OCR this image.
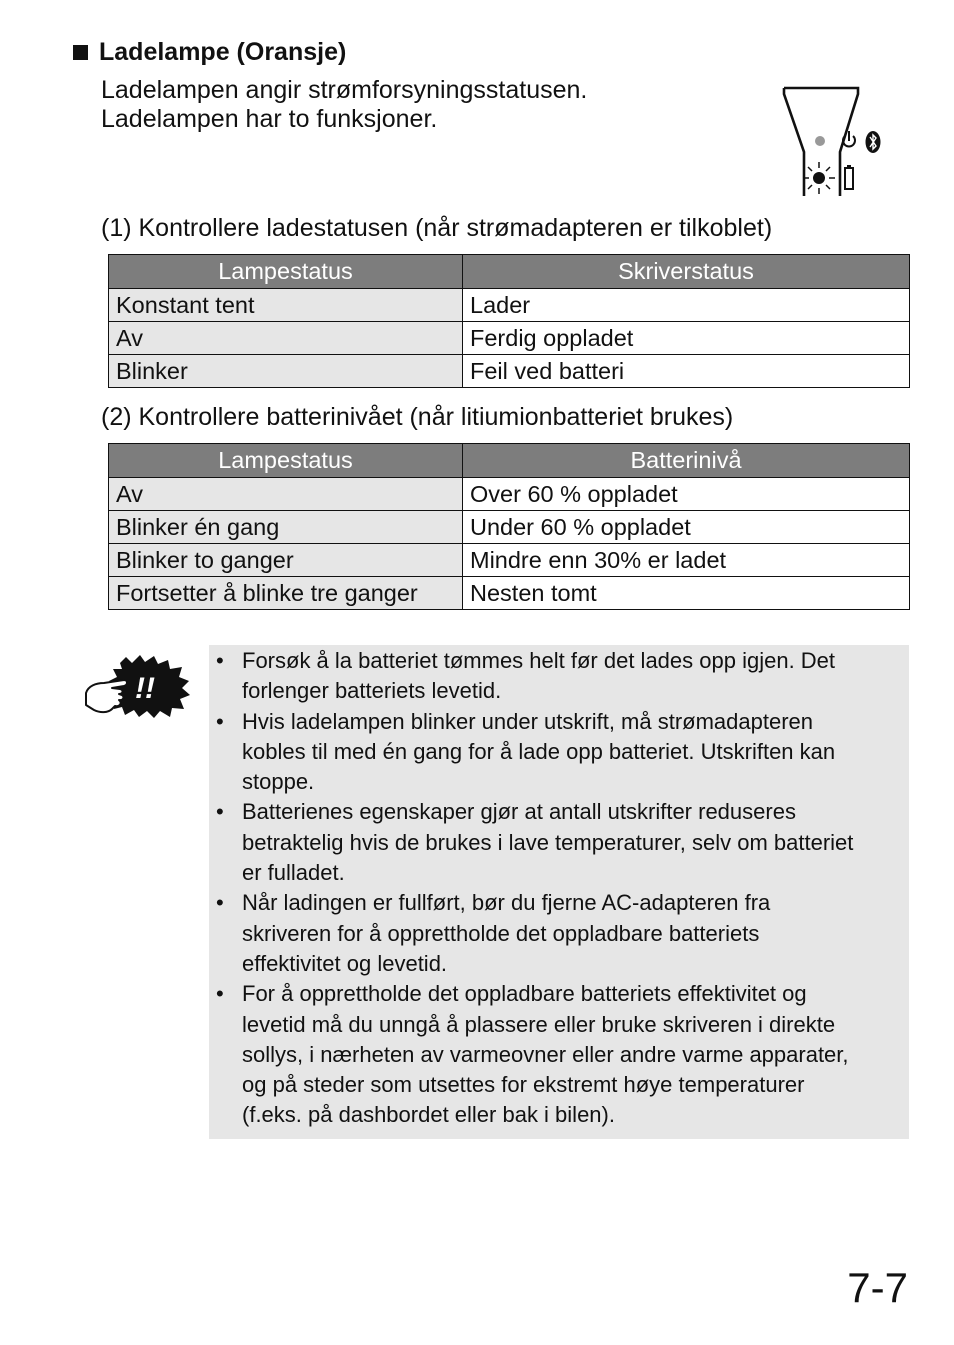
Ladelampe (Oransje)
Ladelampen angir strømforsyningsstatusen.
Ladelampen har to funksjoner.
(1) Kontrollere ladestatusen (når strømadapteren er tilkoblet)
Lampestatus	Skriverstatus
Konstant tent	Lader
Av	Ferdig oppladet
Blinker	Feil ved batteri
(2) Kontrollere batterinivået (når litiumionbatteriet brukes)
Lampestatus	Batterinivå
Av	Over 60 % oppladet
Blinker én gang	Under 60 % oppladet
Blinker to ganger	Mindre enn 30% er ladet
Fortsetter å blinke tre ganger	Nesten tomt
!!
• Forsøk å la batteriet tømmes helt før det lades opp igjen. Det
forlenger batteriets levetid.
• Hvis ladelampen blinker under utskrift, må strømadapteren
kobles til med én gang for å lade opp batteriet. Utskriften kan
stoppe.
• Batterienes egenskaper gjør at antall utskrifter reduseres
betraktelig hvis de brukes i lave temperaturer, selv om batteriet
er fulladet.
• Når ladingen er fullført, bør du fjerne AC-adapteren fra
skriveren for å opprettholde det oppladbare batteriets
effektivitet og levetid.
• For å opprettholde det oppladbare batteriets effektivitet og
levetid må du unngå å plassere eller bruke skriveren i direkte
sollys, i nærheten av varmeovner eller andre varme apparater,
og på steder som utsettes for ekstremt høye temperaturer
(f.eks. på dashbordet eller bak i bilen).
7-7
